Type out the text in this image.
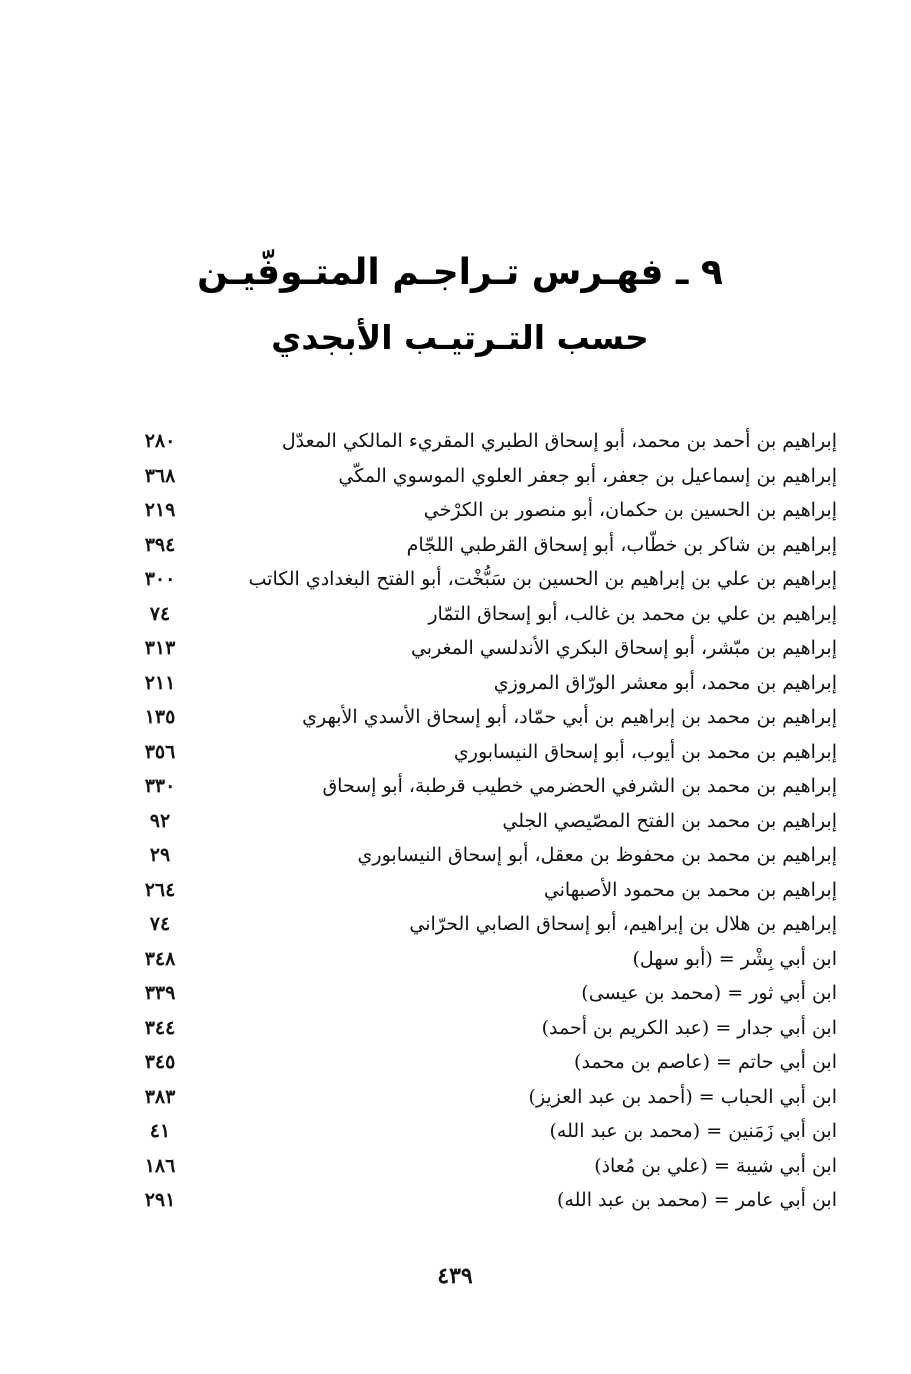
٩ ـ فهـرس تـراجـم المتـوفّيـن
حسب التـرتيـب الأبجدي
إبراهيم بن أحمد بن محمد، أبو إسحاق الطبري المقريء المالكي المعدّل
٢٨٠
إبراهيم بن إسماعيل بن جعفر، أبو جعفر العلوي الموسوي المكّي
٣٦٨
إبراهيم بن الحسين بن حكمان، أبو منصور بن الكرْخي
٢١٩
إبراهيم بن شاكر بن خطّاب، أبو إسحاق القرطبي اللجّام
٣٩٤
إبراهيم بن علي بن إبراهيم بن الحسين بن سَبُّخْت، أبو الفتح البغدادي الكاتب
٣٠٠
إبراهيم بن علي بن محمد بن غالب، أبو إسحاق التمّار
٧٤
إبراهيم بن مبّشر، أبو إسحاق البكري الأندلسي المغربي
٣١٣
إبراهيم بن محمد، أبو معشر الورّاق المروزي
٢١١
إبراهيم بن محمد بن إبراهيم بن أبي حمّاد، أبو إسحاق الأسدي الأبهري
١٣٥
إبراهيم بن محمد بن أيوب، أبو إسحاق النيسابوري
٣٥٦
إبراهيم بن محمد بن الشرفي الحضرمي خطيب قرطبة، أبو إسحاق
٣٣٠
إبراهيم بن محمد بن الفتح المصّيصي الجلي
٩٢
إبراهيم بن محمد بن محفوظ بن معقل، أبو إسحاق النيسابوري
٢٩
إبراهيم بن محمد بن محمود الأصبهاني
٢٦٤
إبراهيم بن هلال بن إبراهيم، أبو إسحاق الصابي الحرّاني
٧٤
ابن أبي بِشْر = (أبو سهل)
٣٤٨
ابن أبي ثور = (محمد بن عيسى)
٣٣٩
ابن أبي جدار = (عبد الكريم بن أحمد)
٣٤٤
ابن أبي حاتم = (عاصم بن محمد)
٣٤٥
ابن أبي الحباب = (أحمد بن عبد العزيز)
٣٨٣
ابن أبي زَمَنين = (محمد بن عبد الله)
٤١
ابن أبي شيبة = (علي بن مُعاذ)
١٨٦
ابن أبي عامر = (محمد بن عبد الله)
٢٩١
٤٣٩
